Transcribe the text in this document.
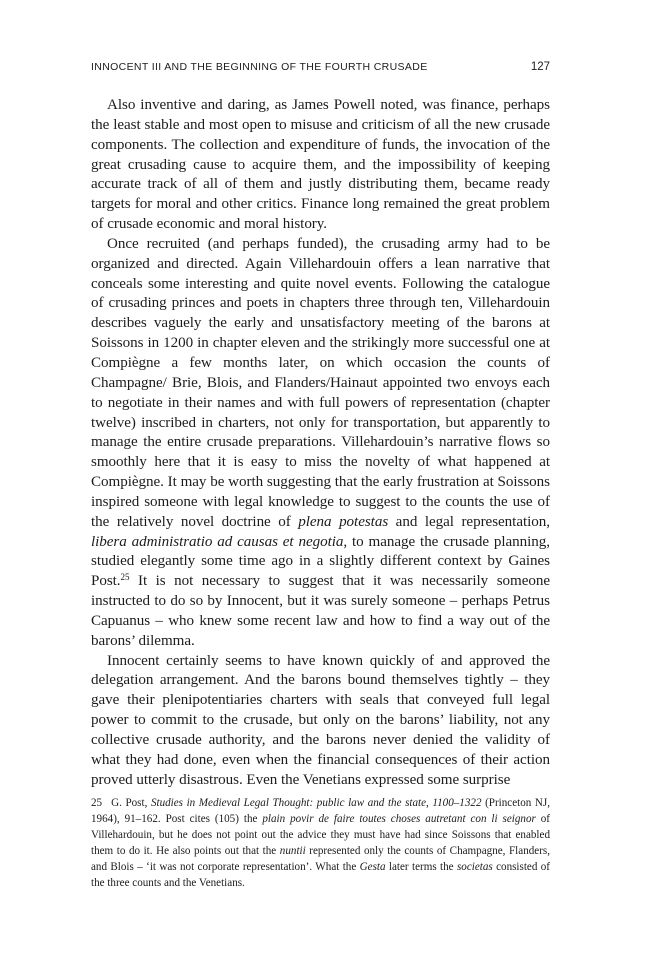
INNOCENT III AND THE BEGINNING OF THE FOURTH CRUSADE	127

Also inventive and daring, as James Powell noted, was finance, perhaps the least stable and most open to misuse and criticism of all the new crusade components. The collection and expenditure of funds, the invocation of the great crusading cause to acquire them, and the impossibility of keeping accurate track of all of them and justly distributing them, became ready targets for moral and other critics. Finance long remained the great problem of crusade economic and moral history.

Once recruited (and perhaps funded), the crusading army had to be organized and directed. Again Villehardouin offers a lean narrative that conceals some interesting and quite novel events. Following the catalogue of crusading princes and poets in chapters three through ten, Villehardouin describes vaguely the early and unsatisfactory meeting of the barons at Soissons in 1200 in chapter eleven and the strikingly more successful one at Compiègne a few months later, on which occasion the counts of Champagne/ Brie, Blois, and Flanders/Hainaut appointed two envoys each to negotiate in their names and with full powers of representation (chapter twelve) inscribed in charters, not only for transportation, but apparently to manage the entire crusade preparations. Villehardouin’s narrative flows so smoothly here that it is easy to miss the novelty of what happened at Compiègne. It may be worth suggesting that the early frustration at Soissons inspired someone with legal knowledge to suggest to the counts the use of the relatively novel doctrine of plena potestas and legal representation, libera administratio ad causas et negotia, to manage the crusade planning, studied elegantly some time ago in a slightly different context by Gaines Post.$^{25}$ It is not necessary to suggest that it was necessarily someone instructed to do so by Innocent, but it was surely someone – perhaps Petrus Capuanus – who knew some recent law and how to find a way out of the barons’ dilemma.

Innocent certainly seems to have known quickly of and approved the delegation arrangement. And the barons bound themselves tightly – they gave their plenipotentiaries charters with seals that conveyed full legal power to commit to the crusade, but only on the barons’ liability, not any collective crusade authority, and the barons never denied the validity of what they had done, even when the financial consequences of their action proved utterly disastrous. Even the Venetians expressed some surprise

25 G. Post, Studies in Medieval Legal Thought: public law and the state, 1100–1322 (Princeton NJ, 1964), 91–162. Post cites (105) the plain povir de faire toutes choses autretant con li seignor of Villehardouin, but he does not point out the advice they must have had since Soissons that enabled them to do it. He also points out that the nuntii represented only the counts of Champagne, Flanders, and Blois – ‘it was not corporate representation’. What the Gesta later terms the societas consisted of the three counts and the Venetians.
